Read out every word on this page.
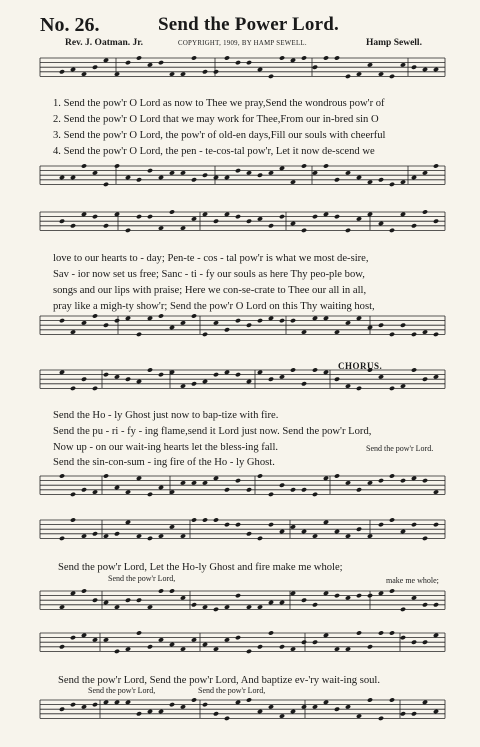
No. 26.	Send the Power Lord.
Rev. J. Oatman. Jr.	COPYRIGHT, 1909, BY HAMP SEWELL.	Hamp Sewell.
1. Send the pow'r O Lord as now to Thee we pray,Send the wondrous pow'r of
2. Send the pow'r O Lord that we may work for Thee,From our in-bred sin O
3. Send the pow'r O Lord, the pow'r of old-en days,Fill our souls with cheerful
4. Send the pow'r O Lord, the pen - te-cos-tal pow'r, Let it now de-scend we
love to our hearts to - day; Pen-te - cos - tal pow'r is what we most de-sire,
Sav - ior now set us free; Sanc - ti - fy our souls as here Thy peo-ple bow,
songs and our lips with praise; Here we con-se-crate to Thee our all in all,
pray like a migh-ty show'r; Send the pow'r O Lord on this Thy waiting host,
CHORUS.
Send the Ho - ly Ghost just now to bap-tize with fire.
Send the pu - ri - fy - ing flame,send it Lord just now. Send the pow'r Lord,
Now up - on our wait-ing hearts let the bless-ing fall.
Send the sin-con-sum - ing fire of the Ho - ly Ghost.
Send the pow'r Lord.
Send the pow'r Lord, Let the Ho-ly Ghost and fire make me whole;
Send the pow'r Lord,	make me whole;
Send the pow'r Lord, Send the pow'r Lord, And baptize ev-'ry wait-ing soul.
Send the pow'r Lord,	Send the pow'r Lord,
